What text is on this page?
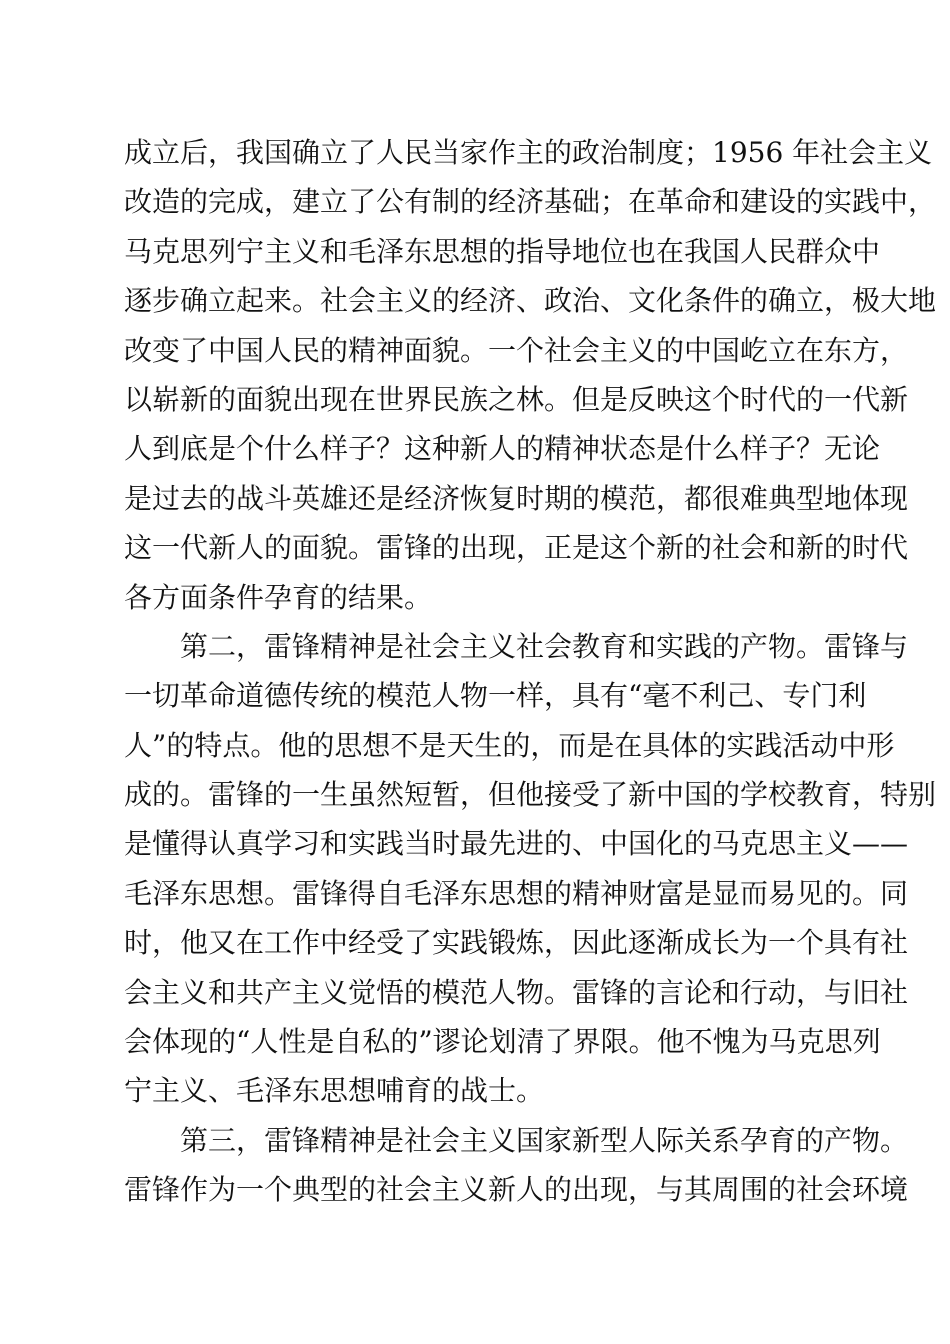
成立后，我国确立了人民当家作主的政治制度；1956 年社会主义
改造的完成，建立了公有制的经济基础；在革命和建设的实践中，
马克思列宁主义和毛泽东思想的指导地位也在我国人民群众中
逐步确立起来。社会主义的经济、政治、文化条件的确立，极大地
改变了中国人民的精神面貌。一个社会主义的中国屹立在东方，
以崭新的面貌出现在世界民族之林。但是反映这个时代的一代新
人到底是个什么样子？这种新人的精神状态是什么样子？无论
是过去的战斗英雄还是经济恢复时期的模范，都很难典型地体现
这一代新人的面貌。雷锋的出现，正是这个新的社会和新的时代
各方面条件孕育的结果。
第二，雷锋精神是社会主义社会教育和实践的产物。雷锋与
一切革命道德传统的模范人物一样，具有“毫不利己、专门利
人”的特点。他的思想不是天生的，而是在具体的实践活动中形
成的。雷锋的一生虽然短暂，但他接受了新中国的学校教育，特别
是懂得认真学习和实践当时最先进的、中国化的马克思主义——
毛泽东思想。雷锋得自毛泽东思想的精神财富是显而易见的。同
时，他又在工作中经受了实践锻炼，因此逐渐成长为一个具有社
会主义和共产主义觉悟的模范人物。雷锋的言论和行动，与旧社
会体现的“人性是自私的”谬论划清了界限。他不愧为马克思列
宁主义、毛泽东思想哺育的战士。
第三，雷锋精神是社会主义国家新型人际关系孕育的产物。
雷锋作为一个典型的社会主义新人的出现，与其周围的社会环境
